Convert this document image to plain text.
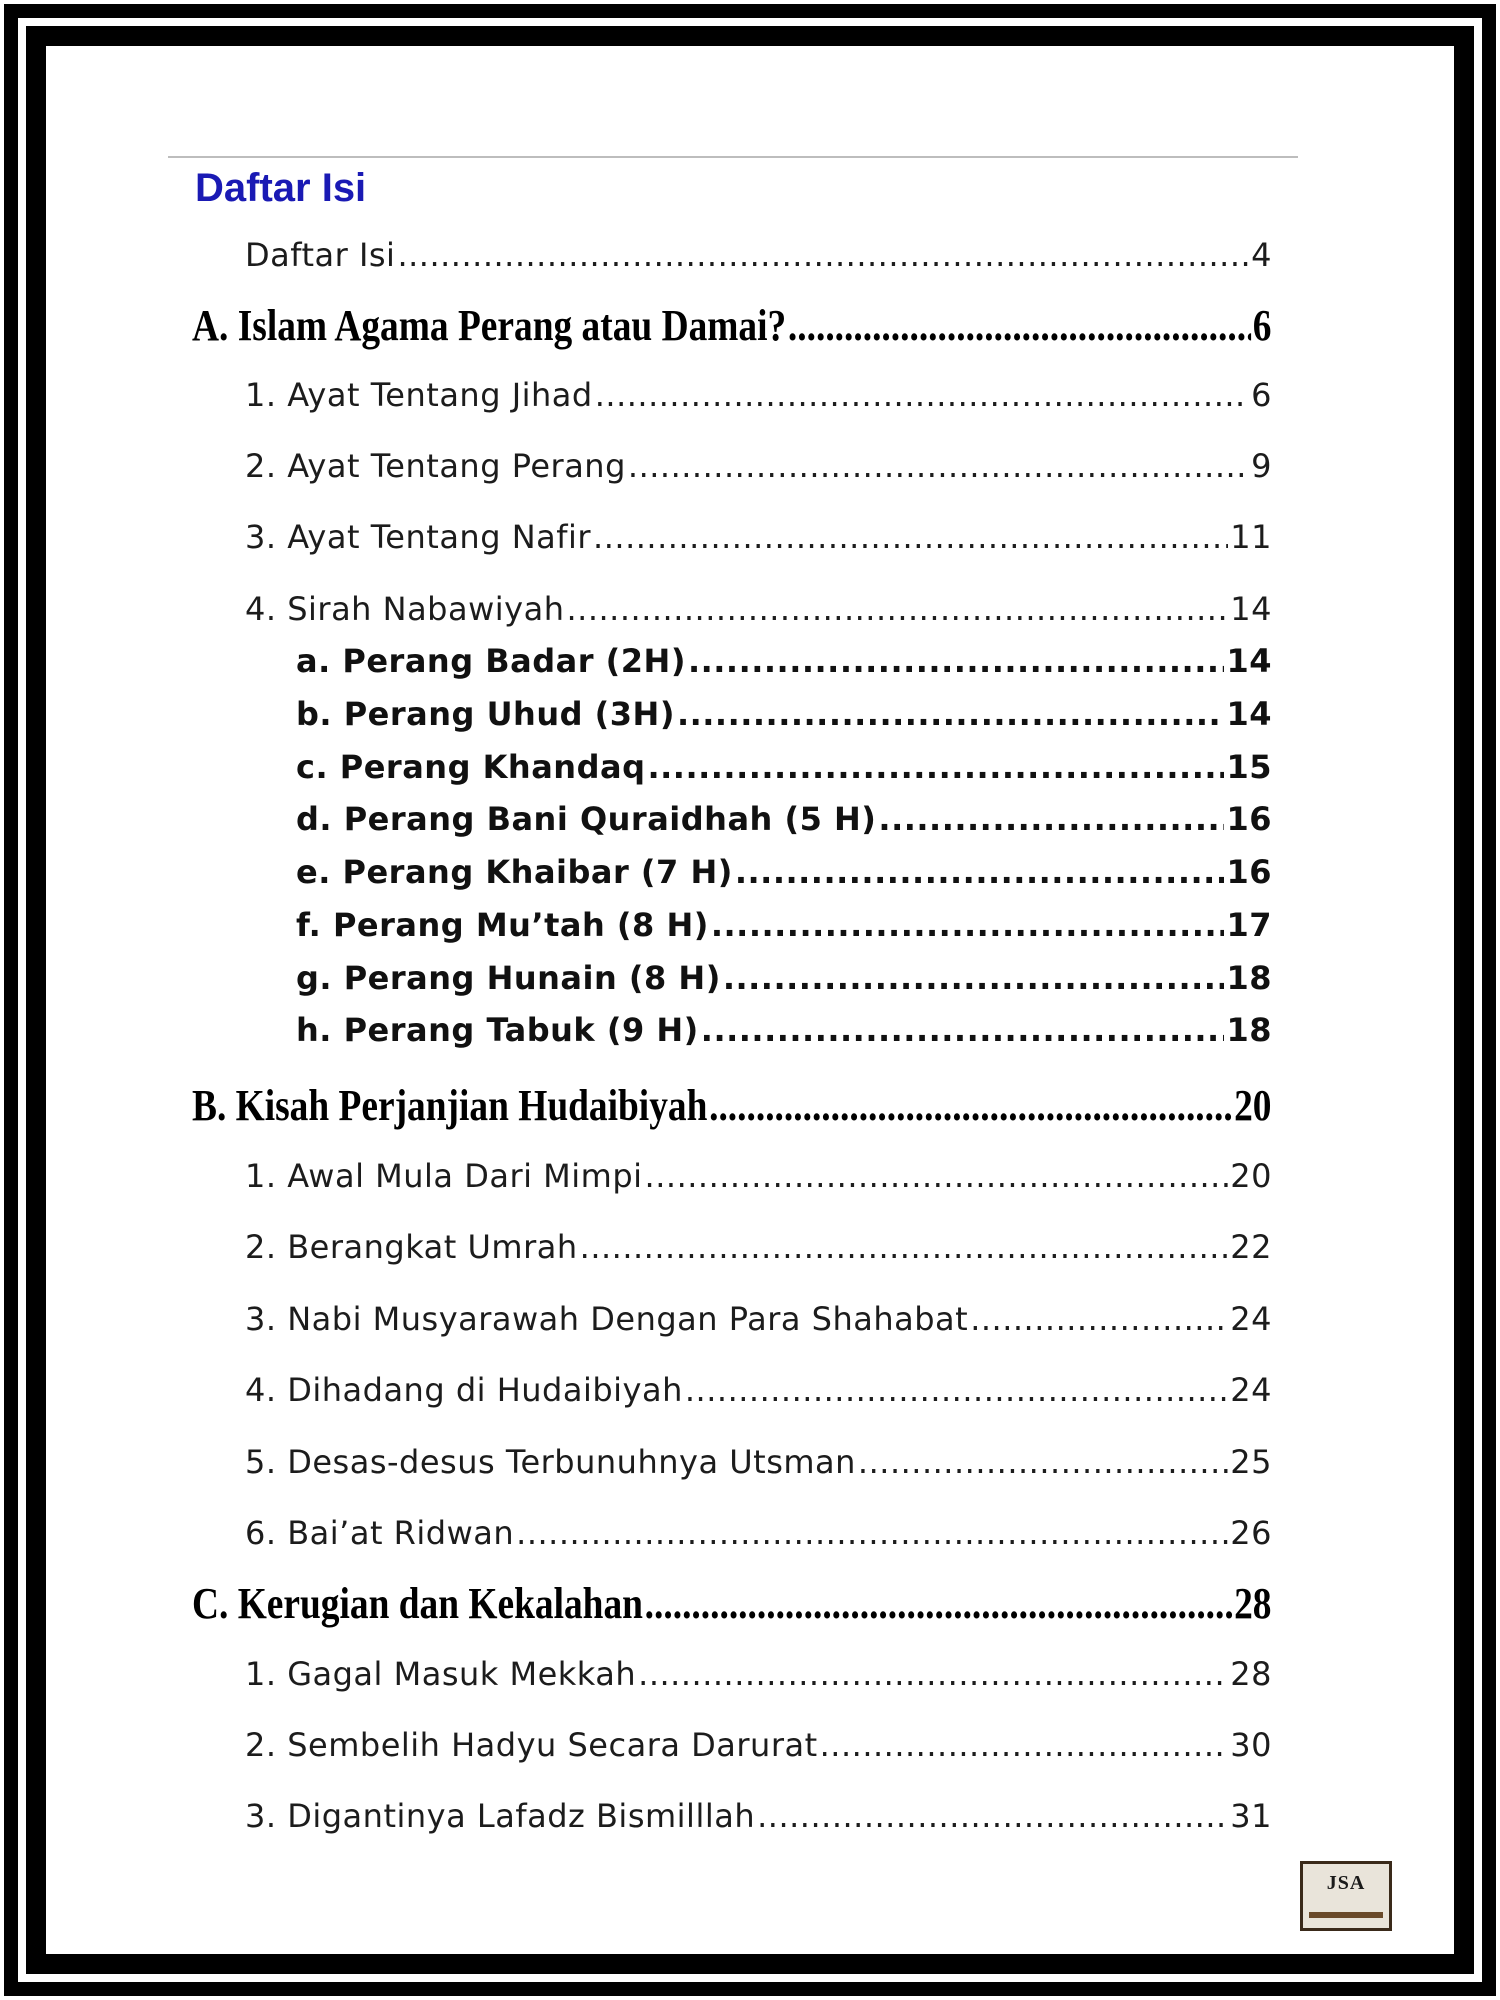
Daftar Isi
Daftar Isi .....	4
A. Islam Agama Perang atau Damai? .....	6
1. Ayat Tentang Jihad .....	6
2. Ayat Tentang Perang .....	9
3. Ayat Tentang Nafir .....	11
4. Sirah Nabawiyah .....	14
a. Perang Badar (2H) .....	14
b. Perang Uhud (3H) .....	14
c. Perang Khandaq .....	15
d. Perang Bani Quraidhah (5 H) .....	16
e. Perang Khaibar (7 H) .....	16
f. Perang Mu’tah (8 H) .....	17
g. Perang Hunain (8 H) .....	18
h. Perang Tabuk (9 H) .....	18
B. Kisah Perjanjian Hudaibiyah .....	20
1. Awal Mula Dari Mimpi .....	20
2. Berangkat Umrah .....	22
3. Nabi Musyarawah Dengan Para Shahabat .....	24
4. Dihadang di Hudaibiyah .....	24
5. Desas-desus Terbunuhnya Utsman .....	25
6. Bai’at Ridwan .....	26
C. Kerugian dan Kekalahan .....	28
1. Gagal Masuk Mekkah .....	28
2. Sembelih Hadyu Secara Darurat .....	30
3. Digantinya Lafadz Bismilllah .....	31
JSA
